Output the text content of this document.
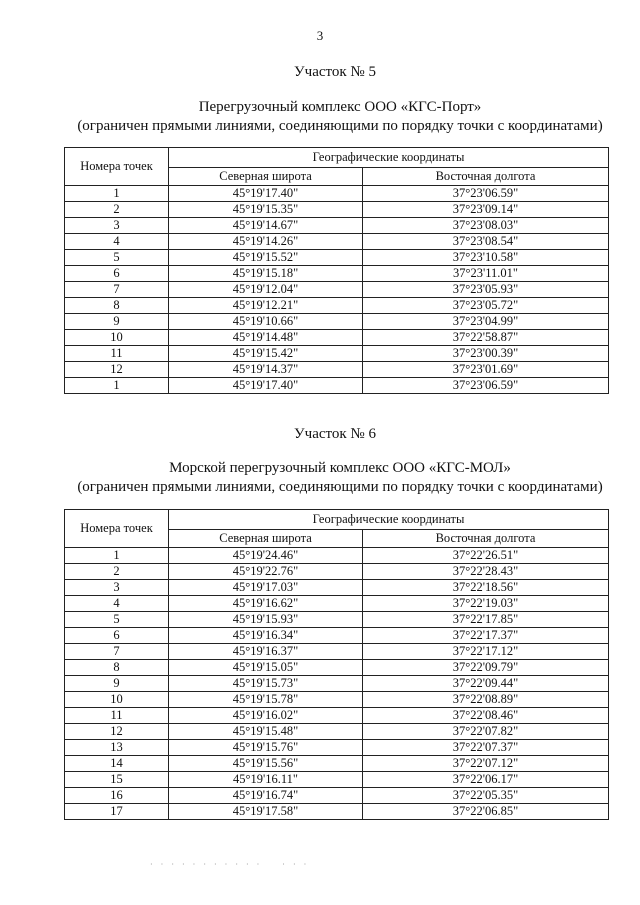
3
Участок № 5
Перегрузочный комплекс ООО «КГС-Порт»
(ограничен прямыми линиями, соединяющими по порядку точки с координатами)
Номера точек	Географические координаты	
	Северная широта	Восточная долгота
1	45°19'17.40"	37°23'06.59"
2	45°19'15.35"	37°23'09.14"
3	45°19'14.67"	37°23'08.03"
4	45°19'14.26"	37°23'08.54"
5	45°19'15.52"	37°23'10.58"
6	45°19'15.18"	37°23'11.01"
7	45°19'12.04"	37°23'05.93"
8	45°19'12.21"	37°23'05.72"
9	45°19'10.66"	37°23'04.99"
10	45°19'14.48"	37°22'58.87"
11	45°19'15.42"	37°23'00.39"
12	45°19'14.37"	37°23'01.69"
1	45°19'17.40"	37°23'06.59"
Участок № 6
Морской перегрузочный комплекс ООО «КГС-МОЛ»
(ограничен прямыми линиями, соединяющими по порядку точки с координатами)
Номера точек	Географические координаты	
	Северная широта	Восточная долгота
1	45°19'24.46"	37°22'26.51"
2	45°19'22.76"	37°22'28.43"
3	45°19'17.03"	37°22'18.56"
4	45°19'16.62"	37°22'19.03"
5	45°19'15.93"	37°22'17.85"
6	45°19'16.34"	37°22'17.37"
7	45°19'16.37"	37°22'17.12"
8	45°19'15.05"	37°22'09.79"
9	45°19'15.73"	37°22'09.44"
10	45°19'15.78"	37°22'08.89"
11	45°19'16.02"	37°22'08.46"
12	45°19'15.48"	37°22'07.82"
13	45°19'15.76"	37°22'07.37"
14	45°19'15.56"	37°22'07.12"
15	45°19'16.11"	37°22'06.17"
16	45°19'16.74"	37°22'05.35"
17	45°19'17.58"	37°22'06.85"
· · · · · · · · · · ·    · · ·
